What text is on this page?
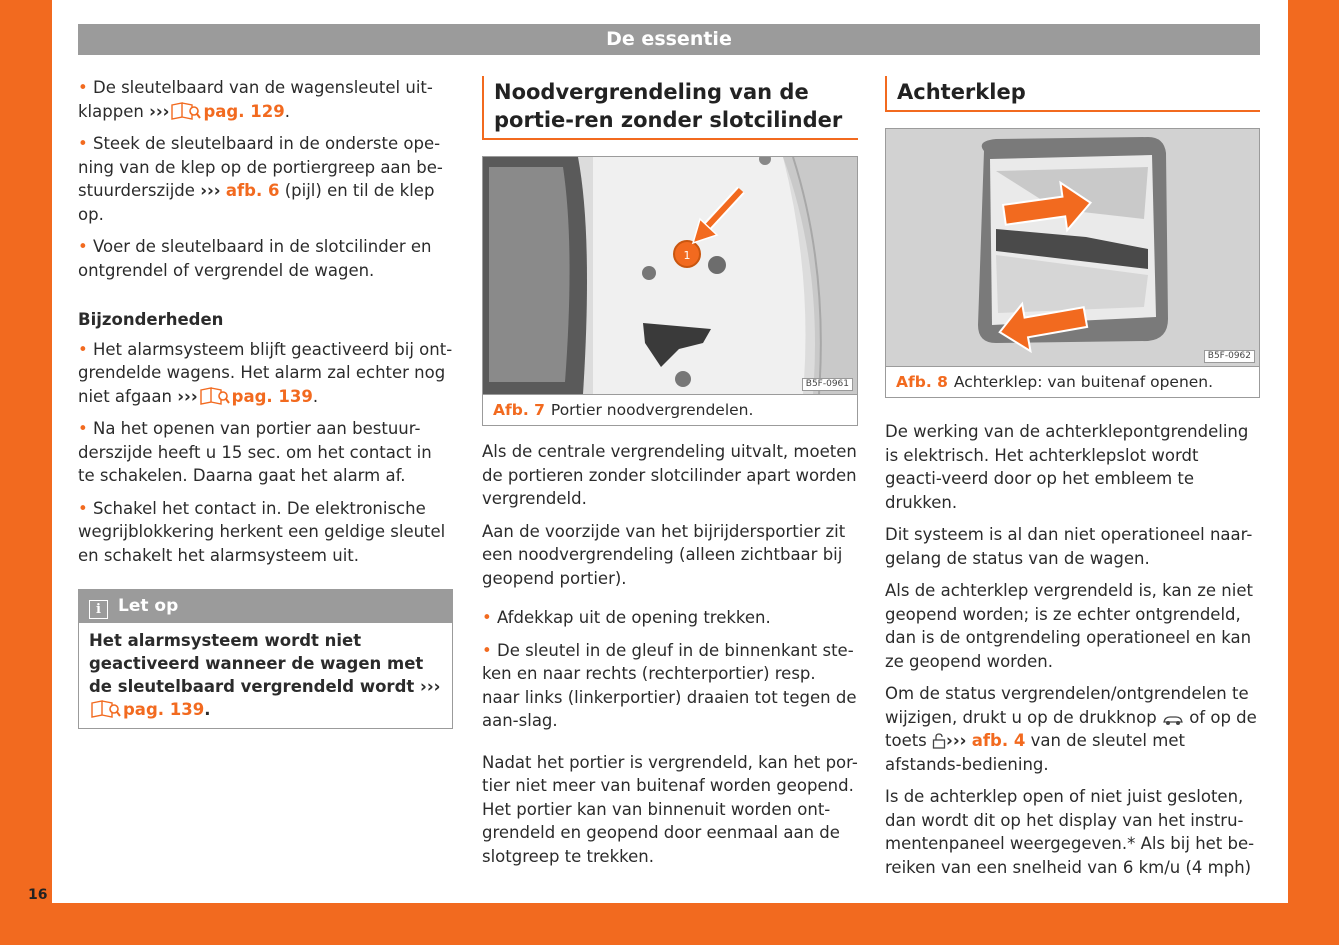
De essentie

• De sleutelbaard van de wagensleutel uit-klappen ››› pag. 129.

• Steek de sleutelbaard in de onderste ope-ning van de klep op de portiergreep aan be-stuurderszijde ››› afb. 6 (pijl) en til de klep op.

• Voer de sleutelbaard in de slotcilinder en ontgrendel of vergrendel de wagen.

Bijzonderheden

• Het alarmsysteem blijft geactiveerd bij ont-grendelde wagens. Het alarm zal echter nog niet afgaan ››› pag. 139.

• Na het openen van portier aan bestuur-derszijde heeft u 15 sec. om het contact in te schakelen. Daarna gaat het alarm af.

• Schakel het contact in. De elektronische wegrijblokkering herkent een geldige sleutel en schakelt het alarmsysteem uit.

i Let op
Het alarmsysteem wordt niet geactiveerd wanneer de wagen met de sleutelbaard vergrendeld wordt ›››pag. 139.
Noodvergrendeling van de portie-ren zonder slotcilinder
1
B5F-0961
Afb. 7 Portier noodvergrendelen.

Als de centrale vergrendeling uitvalt, moeten de portieren zonder slotcilinder apart worden vergrendeld.

Aan de voorzijde van het bijrijdersportier zit een noodvergrendeling (alleen zichtbaar bij geopend portier).

• Afdekkap uit de opening trekken.

• De sleutel in de gleuf in de binnenkant ste-ken en naar rechts (rechterportier) resp. naar links (linkerportier) draaien tot tegen de aan-slag.

Nadat het portier is vergrendeld, kan het por-tier niet meer van buitenaf worden geopend. Het portier kan van binnenuit worden ont-grendeld en geopend door eenmaal aan de slotgreep te trekken.

Achterklep
B5F-0962
Afb. 8 Achterklep: van buitenaf openen.

De werking van de achterklepontgrendeling is elektrisch. Het achterklepslot wordt geacti-veerd door op het embleem te drukken.

Dit systeem is al dan niet operationeel naar-gelang de status van de wagen.

Als de achterklep vergrendeld is, kan ze niet geopend worden; is ze echter ontgrendeld, dan is de ontgrendeling operationeel en kan ze geopend worden.

Om de status vergrendelen/ontgrendelen te wijzigen, drukt u op de drukknop of op de toets ››› afb. 4 van de sleutel met afstands-bediening.

Is de achterklep open of niet juist gesloten, dan wordt dit op het display van het instru-mentenpaneel weergegeven.* Als bij het be-reiken van een snelheid van 6 km/u (4 mph)

16
